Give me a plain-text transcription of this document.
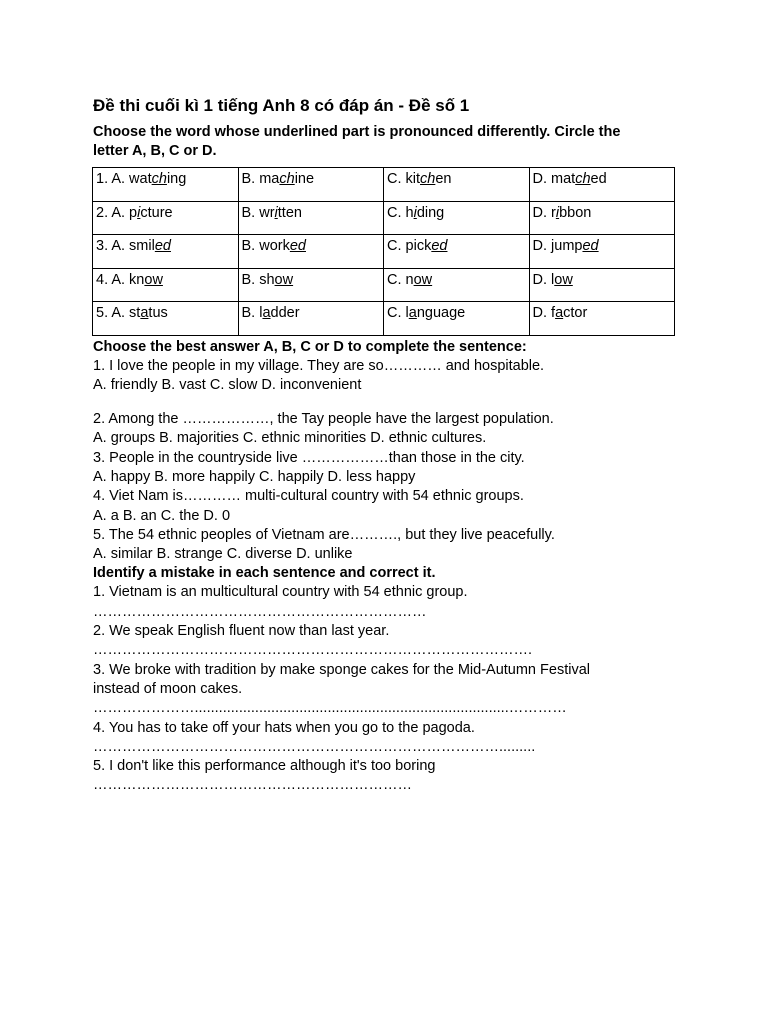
Đề thi cuối kì 1 tiếng Anh 8 có đáp án - Đề số 1
Choose the word whose underlined part is pronounced differently. Circle the
letter A, B, C or D.
1. A. watching	B. machine	C. kitchen	D. matched
2. A. picture	B. written	C. hiding	D. ribbon
3. A. smiled	B. worked	C. picked	D. jumped
4. A. know	B. show	C. now	D. low
5. A. status	B. ladder	C. language	D. factor
Choose the best answer A, B, C or D to complete the sentence:
1. I love the people in my village. They are so………… and hospitable.
A. friendly B. vast C. slow D. inconvenient
2. Among the ………………, the Tay people have the largest population.
A. groups B. majorities C. ethnic minorities D. ethnic cultures.
3. People in the countryside live ………………than those in the city.
A. happy B. more happily C. happily D. less happy
4. Viet Nam is………… multi-cultural country with 54 ethnic groups.
A. a B. an C. the D. 0
5. The 54 ethnic peoples of Vietnam are………., but they live peacefully.
A. similar B. strange C. diverse D. unlike
Identify a mistake in each sentence and correct it.
1. Vietnam is an multicultural country with 54 ethnic group.
……………………………………………………………
2. We speak English fluent now than last year.
……………………………………………………………………………….
3. We broke with tradition by make sponge cakes for the Mid-Autumn Festival
instead of moon cakes.
…………………..............................................................................…………
4. You has to take off your hats when you go to the pagoda.
………………………………………………………………………….........
5. I don't like this performance although it's too boring
…………………………………………………………
